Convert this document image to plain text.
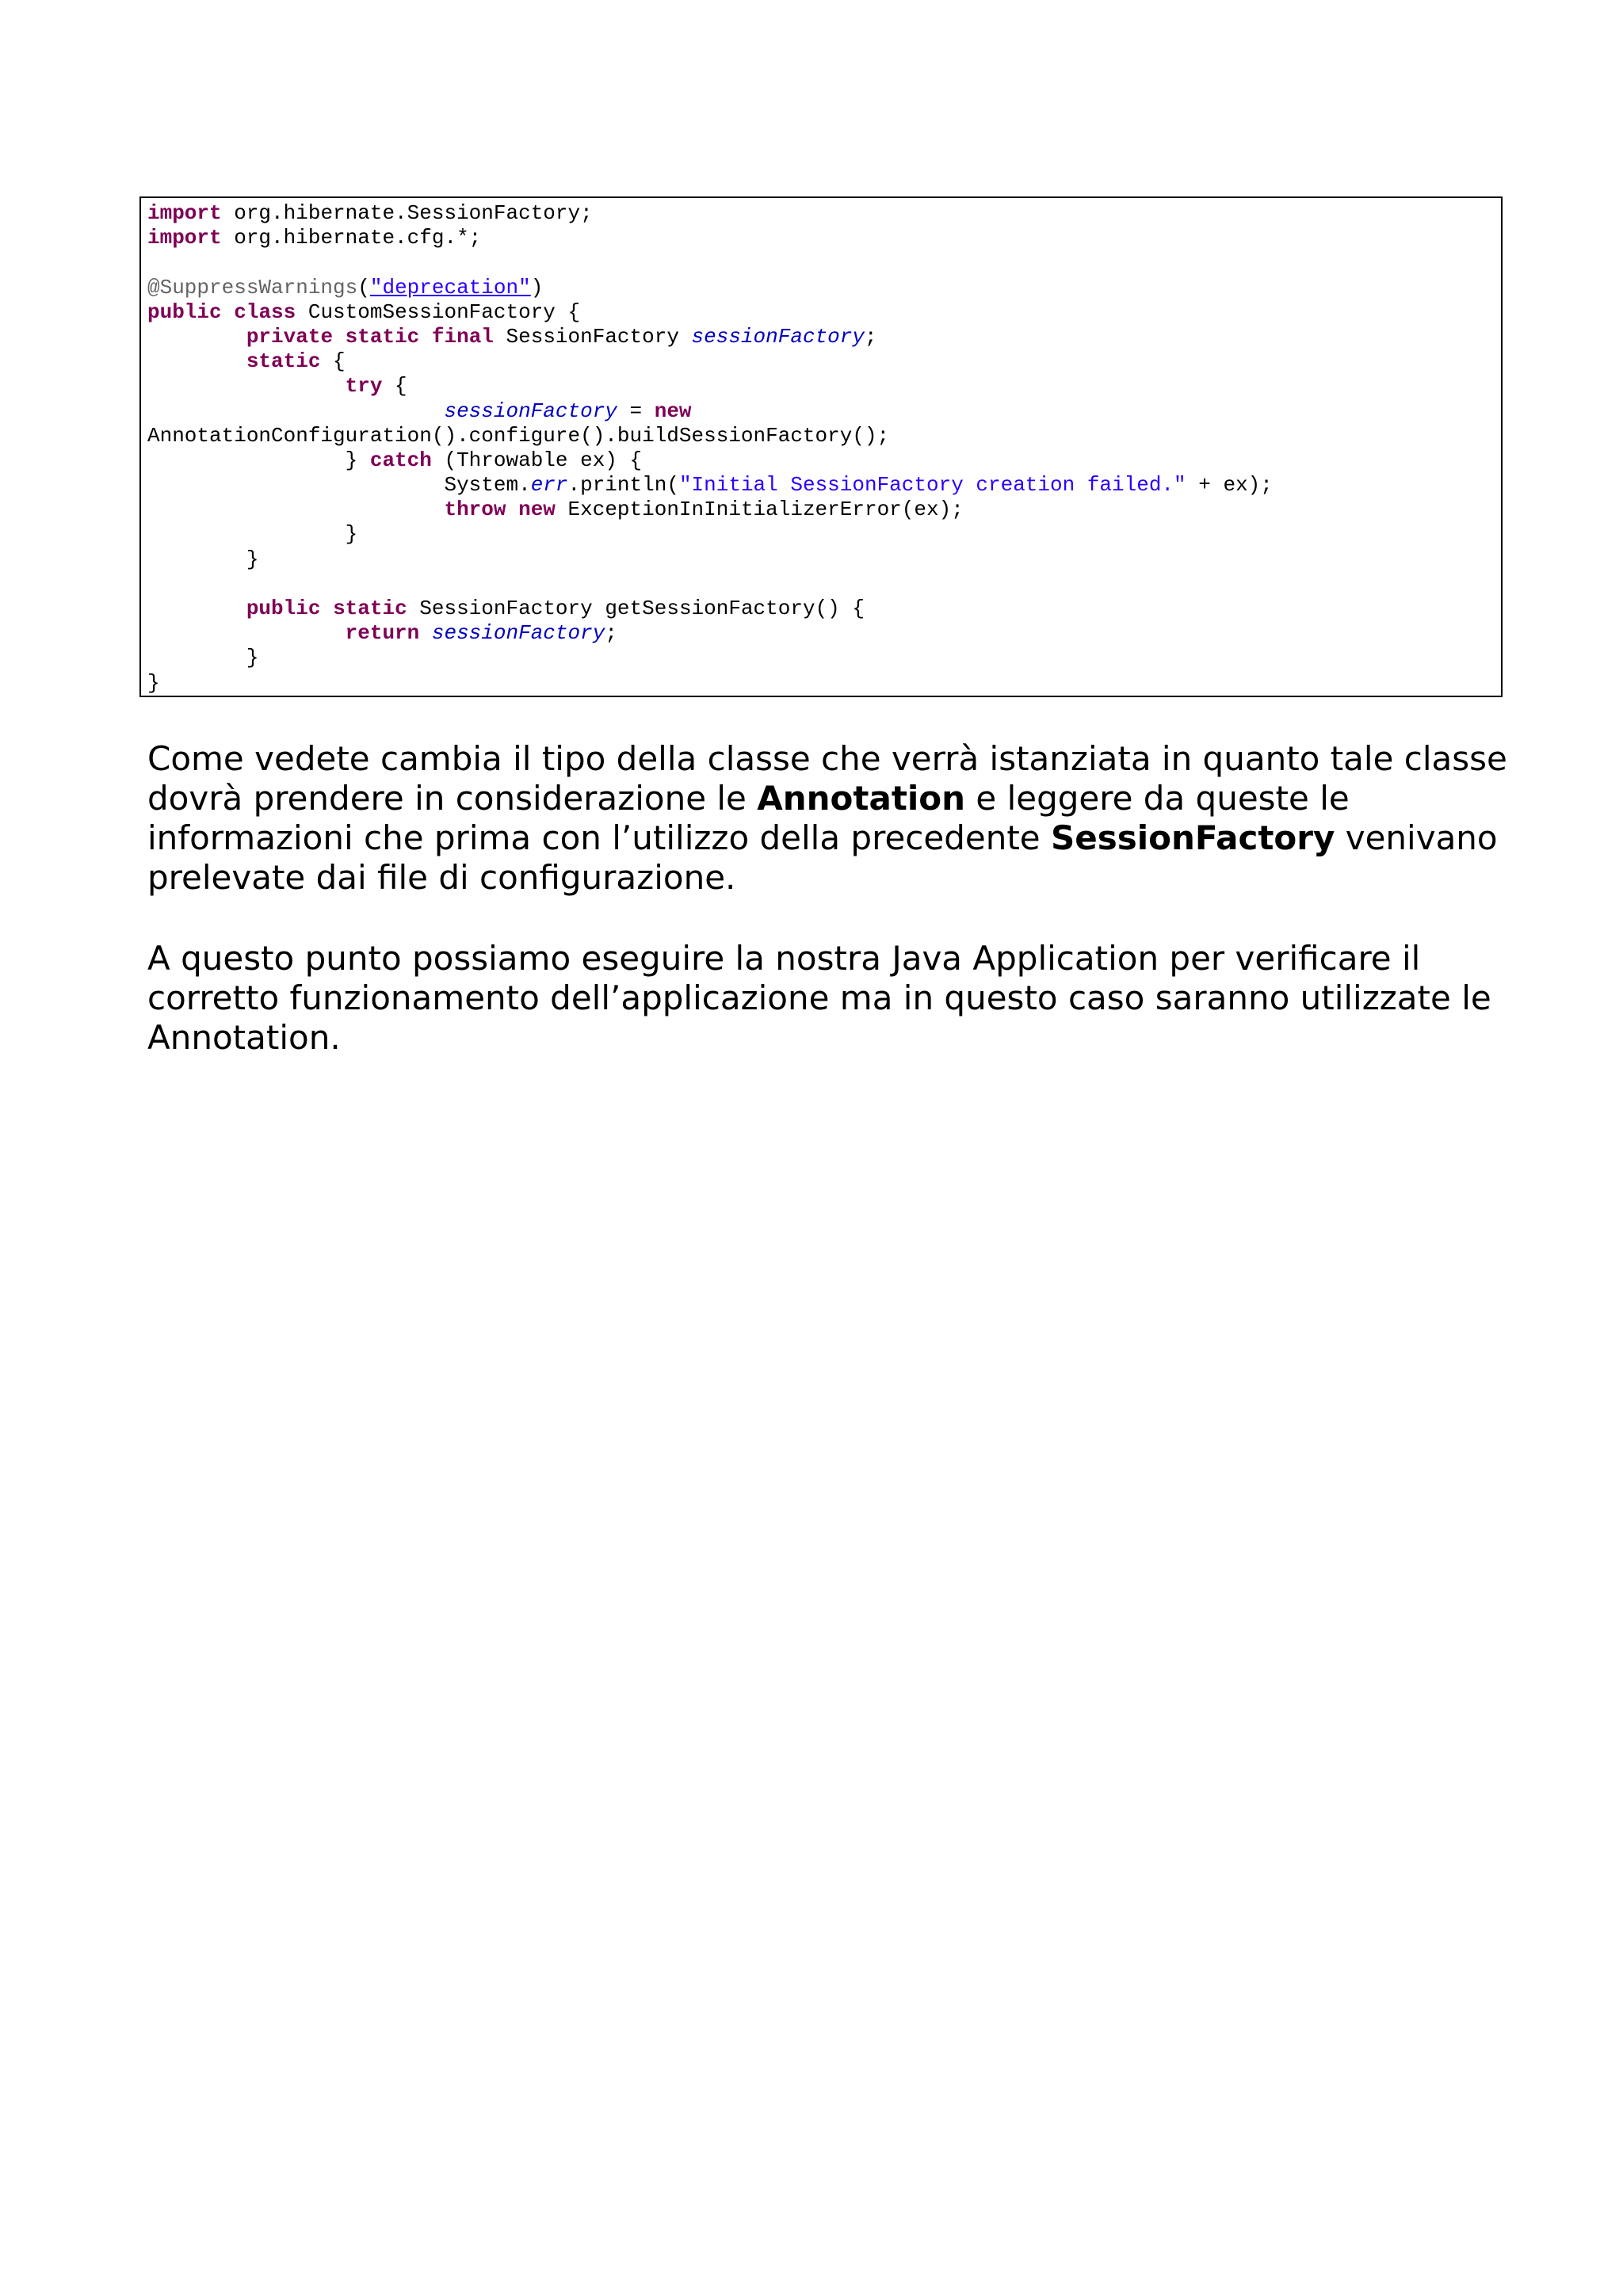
import org.hibernate.SessionFactory;
import org.hibernate.cfg.*;
@SuppressWarnings("deprecation")
public class CustomSessionFactory {
private static final SessionFactory sessionFactory;
static {
try {
sessionFactory = new
AnnotationConfiguration().configure().buildSessionFactory();
} catch (Throwable ex) {
System.err.println("Initial SessionFactory creation failed." + ex);
throw new ExceptionInInitializerError(ex);
}
}
public static SessionFactory getSessionFactory() {
return sessionFactory;
}
}

Come vedete cambia il tipo della classe che verrà istanziata in quanto tale classe dovrà prendere in considerazione le Annotation e leggere da queste le informazioni che prima con l’utilizzo della precedente SessionFactory venivano prelevate dai file di configurazione.

A questo punto possiamo eseguire la nostra Java Application per verificare il corretto funzionamento dell’applicazione ma in questo caso saranno utilizzate le Annotation.
